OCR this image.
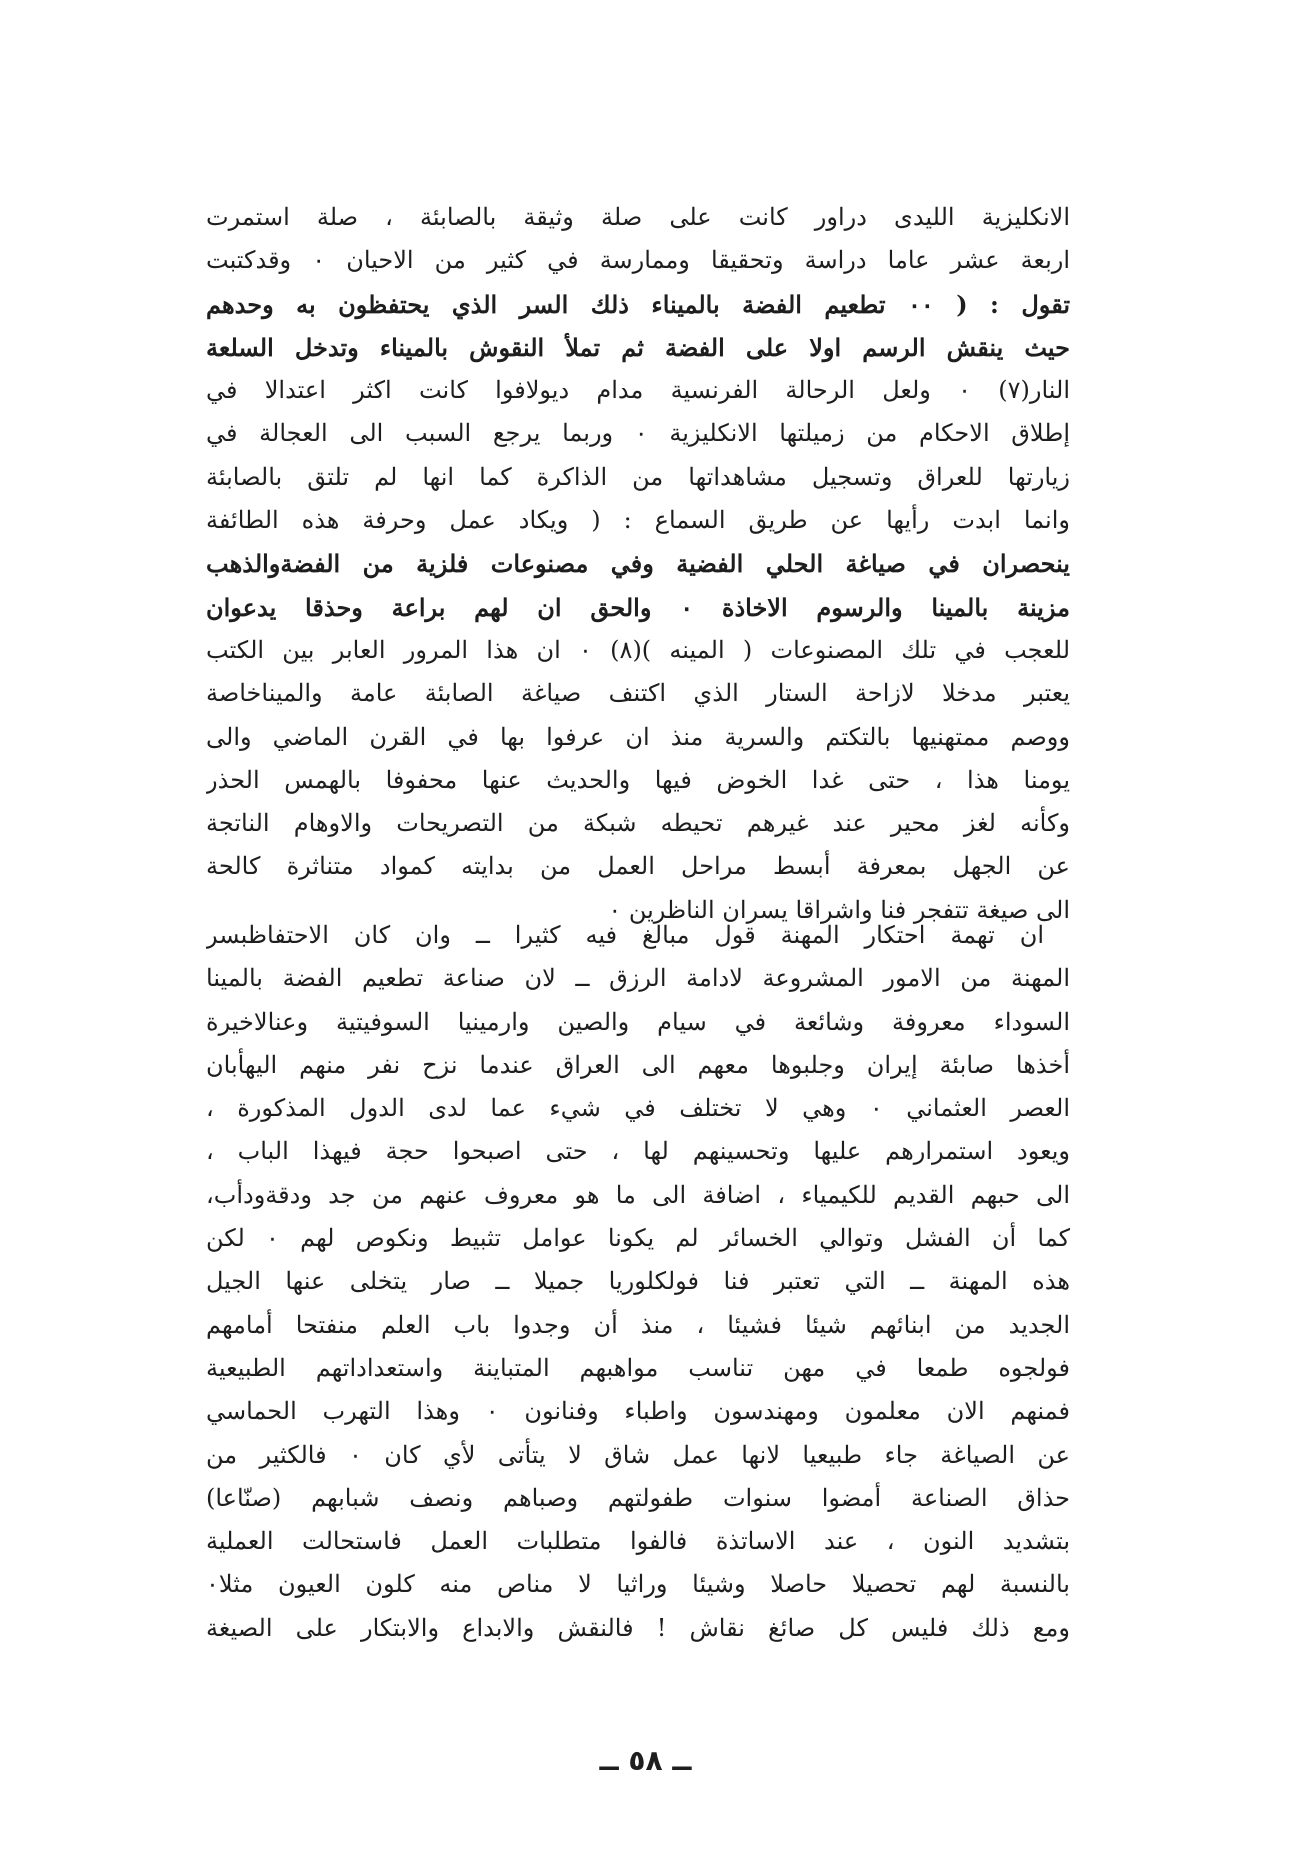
الانكليزية الليدى دراور كانت على صلة وثيقة بالصابئة ، صلة استمرت
اربعة عشر عاما دراسة وتحقيقا وممارسة في كثير من الاحيان ٠ وقدكتبت
تقول : ( ٠٠ تطعيم الفضة بالميناء ذلك السر الذي يحتفظون به وحدهم
حيث ينقش الرسم اولا على الفضة ثم تملأ النقوش بالميناء وتدخل السلعة
النار(٧) ٠ ولعل الرحالة الفرنسية مدام ديولافوا كانت اكثر اعتدالا في
إطلاق الاحكام من زميلتها الانكليزية ٠ وربما يرجع السبب الى العجالة في
زيارتها للعراق وتسجيل مشاهداتها من الذاكرة كما انها لم تلتق بالصابئة
وانما ابدت رأيها عن طريق السماع : ( ويكاد عمل وحرفة هذه الطائفة
ينحصران في صياغة الحلي الفضية وفي مصنوعات فلزية من الفضةوالذهب
مزينة بالمينا والرسوم الاخاذة ٠ والحق ان لهم براعة وحذقا يدعوان
للعجب في تلك المصنوعات ( المينه )(٨) ٠ ان هذا المرور العابر بين الكتب
يعتبر مدخلا لازاحة الستار الذي اكتنف صياغة الصابئة عامة والميناخاصة
ووصم ممتهنيها بالتكتم والسرية منذ ان عرفوا بها في القرن الماضي والى
يومنا هذا ، حتى غدا الخوض فيها والحديث عنها محفوفا بالهمس الحذر
وكأنه لغز محير عند غيرهم تحيطه شبكة من التصريحات والاوهام الناتجة
عن الجهل بمعرفة أبسط مراحل العمل من بدايته كمواد متناثرة كالحة
الى صيغة تتفجر فنا واشراقا يسران الناظرين ٠
ان تهمة احتكار المهنة قول مبالغ فيه كثيرا ــ وان كان الاحتفاظبسر
المهنة من الامور المشروعة لادامة الرزق ــ لان صناعة تطعيم الفضة بالمينا
السوداء معروفة وشائعة في سيام والصين وارمينيا السوفيتية وعنالاخيرة
أخذها صابئة إيران وجلبوها معهم الى العراق عندما نزح نفر منهم اليهأبان
العصر العثماني ٠ وهي لا تختلف في شيء عما لدى الدول المذكورة ،
ويعود استمرارهم عليها وتحسينهم لها ، حتى اصبحوا حجة فيهذا الباب ،
الى حبهم القديم للكيمياء ، اضافة الى ما هو معروف عنهم من جد ودقةودأب،
كما أن الفشل وتوالي الخسائر لم يكونا عوامل تثبيط ونكوص لهم ٠ لكن
هذه المهنة ــ التي تعتبر فنا فولكلوريا جميلا ــ صار يتخلى عنها الجيل
الجديد من ابنائهم شيئا فشيئا ، منذ أن وجدوا باب العلم منفتحا أمامهم
فولجوه طمعا في مهن تناسب مواهبهم المتباينة واستعداداتهم الطبيعية
فمنهم الان معلمون ومهندسون واطباء وفنانون ٠ وهذا التهرب الحماسي
عن الصياغة جاء طبيعيا لانها عمل شاق لا يتأتى لأي كان ٠ فالكثير من
حذاق الصناعة أمضوا سنوات طفولتهم وصباهم ونصف شبابهم (صنّاعا)
بتشديد النون ، عند الاساتذة فالفوا متطلبات العمل فاستحالت العملية
بالنسبة لهم تحصيلا حاصلا وشيئا وراثيا لا مناص منه كلون العيون مثلا٠
ومع ذلك فليس كل صائغ نقاش ! فالنقش والابداع والابتكار على الصيغة
ــ ٥٨ ــ
